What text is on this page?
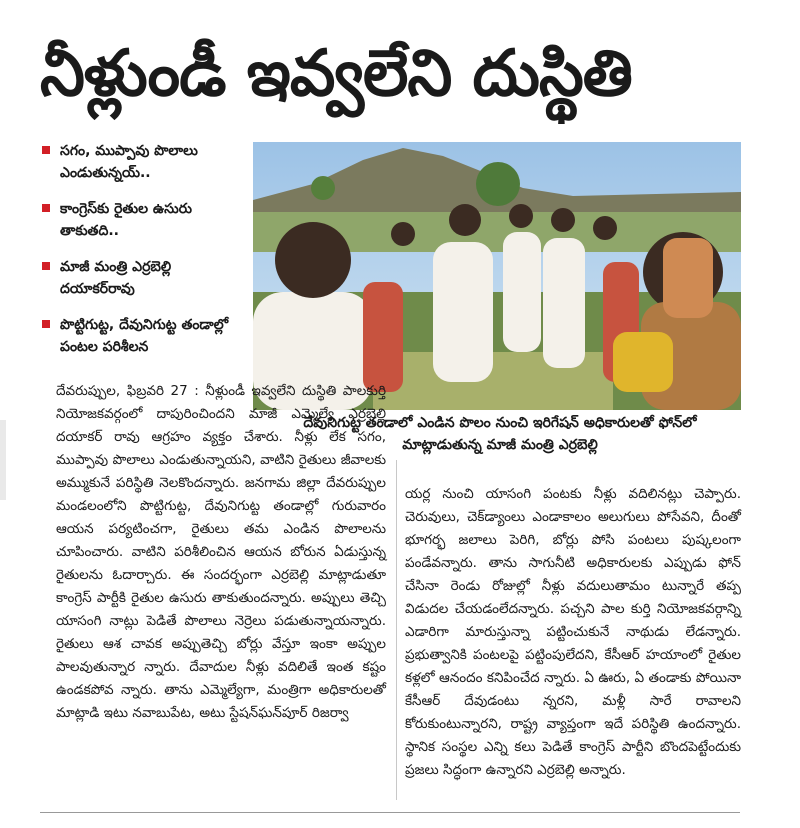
నీళ్లుండీ ఇవ్వలేని దుస్థితి
సగం, ముప్పావు పొలాలు ఎండుతున్నయ్..
కాంగ్రెస్‌కు రైతుల ఉసురు తాకుతది..
మాజీ మంత్రి ఎర్రబెల్లి దయాకర్‌రావు
పొట్టిగుట్ట, దేవునిగుట్ట తండాల్లో పంటల పరిశీలన
దేవునిగుట్ట తండాలో ఎండిన పొలం నుంచి ఇరిగేషన్ అధికారులతో ఫోన్‌లో మాట్లాడుతున్న మాజీ మంత్రి ఎర్రబెల్లి
దేవరుప్పుల, ఫిబ్రవరి 27 : నీళ్లుండీ ఇవ్వలేని దుస్థితి పాలకుర్తి నియోజకవర్గంలో దాపురించిందని మాజీ ఎమ్మెల్యే ఎర్రబెల్లి దయాకర్ రావు ఆగ్రహం వ్యక్తం చేశారు. నీళ్లు లేక సగం, ముప్పావు పొలాలు ఎండుతున్నాయని, వాటిని రైతులు జీవాలకు అమ్ముకునే పరిస్థితి నెలకొందన్నారు. జనగామ జిల్లా దేవరుప్పుల మండలంలోని పొట్టిగుట్ట, దేవునిగుట్ట తండాల్లో గురువారం ఆయన పర్యటించగా, రైతులు తమ ఎండిన పొలాలను చూపించారు. వాటిని పరిశీలించిన ఆయన బోరున ఏడుస్తున్న రైతులను ఓదార్చారు. ఈ సందర్భంగా ఎర్రబెల్లి మాట్లాడుతూ కాంగ్రెస్ పార్టీకి రైతుల ఉసురు తాకుతుందన్నారు. అప్పులు తెచ్చి యాసంగి నాట్లు పెడితే పొలాలు నెర్రెలు పడుతున్నాయన్నారు. రైతులు ఆశ చావక అప్పుతెచ్చి బోర్లు వేస్తూ ఇంకా అప్పుల పాలవుతున్నార న్నారు. దేవాదుల నీళ్లు వదిలితే ఇంత కష్టం ఉండకపోవ న్నారు. తాను ఎమ్మెల్యేగా, మంత్రిగా అధికారులతో మాట్లాడి ఇటు నవాబుపేట, అటు స్టేషన్‌ఘన్‌పూర్ రిజర్వా
యర్ల నుంచి యాసంగి పంటకు నీళ్లు వదిలినట్లు చెప్పారు. చెరువులు, చెక్‌డ్యాంలు ఎండాకాలం అలుగులు పోసేవని, దీంతో భూగర్భ జలాలు పెరిగి, బోర్లు పోసి పంటలు పుష్కలంగా పండేవన్నారు. తాను సాగునీటి అధికారులకు ఎప్పుడు ఫోన్ చేసినా రెండు రోజుల్లో నీళ్లు వదులుతామం టున్నారే తప్ప విడుదల చేయడంలేదన్నారు. పచ్చని పాల కుర్తి నియోజకవర్గాన్ని ఎడారిగా మారుస్తున్నా పట్టించుకునే నాథుడు లేడన్నారు. ప్రభుత్వానికి పంటలపై పట్టింపులేదని, కేసీఆర్ హయాంలో రైతుల కళ్లలో ఆనందం కనిపించేద న్నారు. ఏ ఊరు, ఏ తండాకు పోయినా కేసీఆర్ దేవుడంటు న్నరని, మళ్లీ సారే రావాలని కోరుకుంటున్నారని, రాష్ట్ర వ్యాప్తంగా ఇదే పరిస్థితి ఉందన్నారు. స్థానిక సంస్థల ఎన్ని కలు పెడితే కాంగ్రెస్ పార్టీని బొందపెట్టేందుకు ప్రజలు సిద్ధంగా ఉన్నారని ఎర్రబెల్లి అన్నారు.
